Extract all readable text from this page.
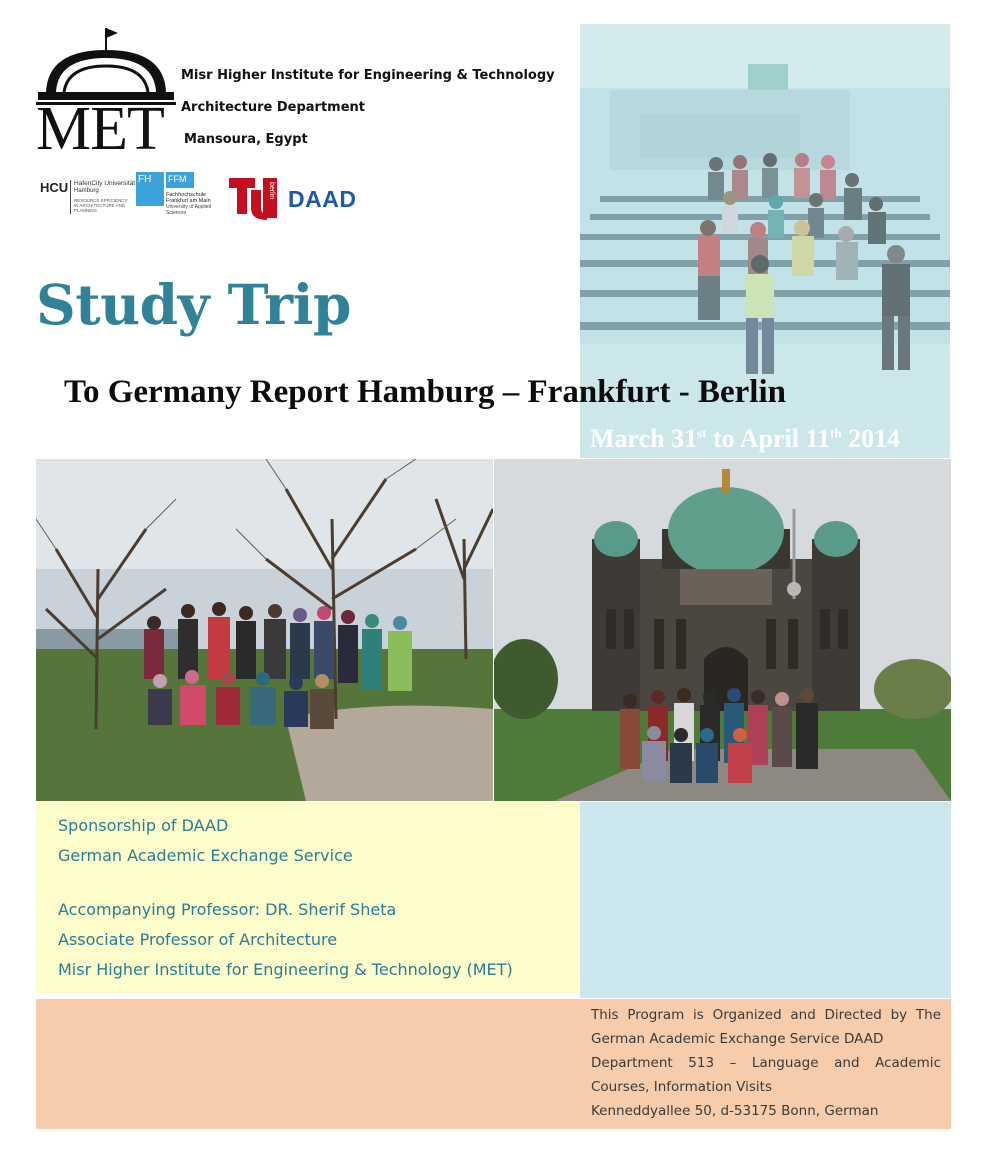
MET
Misr Higher Institute for Engineering & Technology
Architecture Department
Mansoura, Egypt
HCU HafenCity Universität
Hamburg
RESOURCE EFFICIENCY IN ARCHITECTURE AND PLANNING
FH FFM
Fachhochschule Frankfurt am Main
University of Applied Sciences
berlin DAAD
Study Trip
To Germany Report Hamburg – Frankfurt - Berlin
March 31st to April 11th 2014
Sponsorship of DAAD
German Academic Exchange Service
Accompanying Professor: DR. Sherif Sheta
Associate Professor of Architecture
Misr Higher Institute for Engineering & Technology (MET)

This Program is Organized and Directed by The German Academic Exchange Service DAAD

Department 513 – Language and Academic Courses, Information Visits

Kenneddyallee 50, d-53175 Bonn, German
